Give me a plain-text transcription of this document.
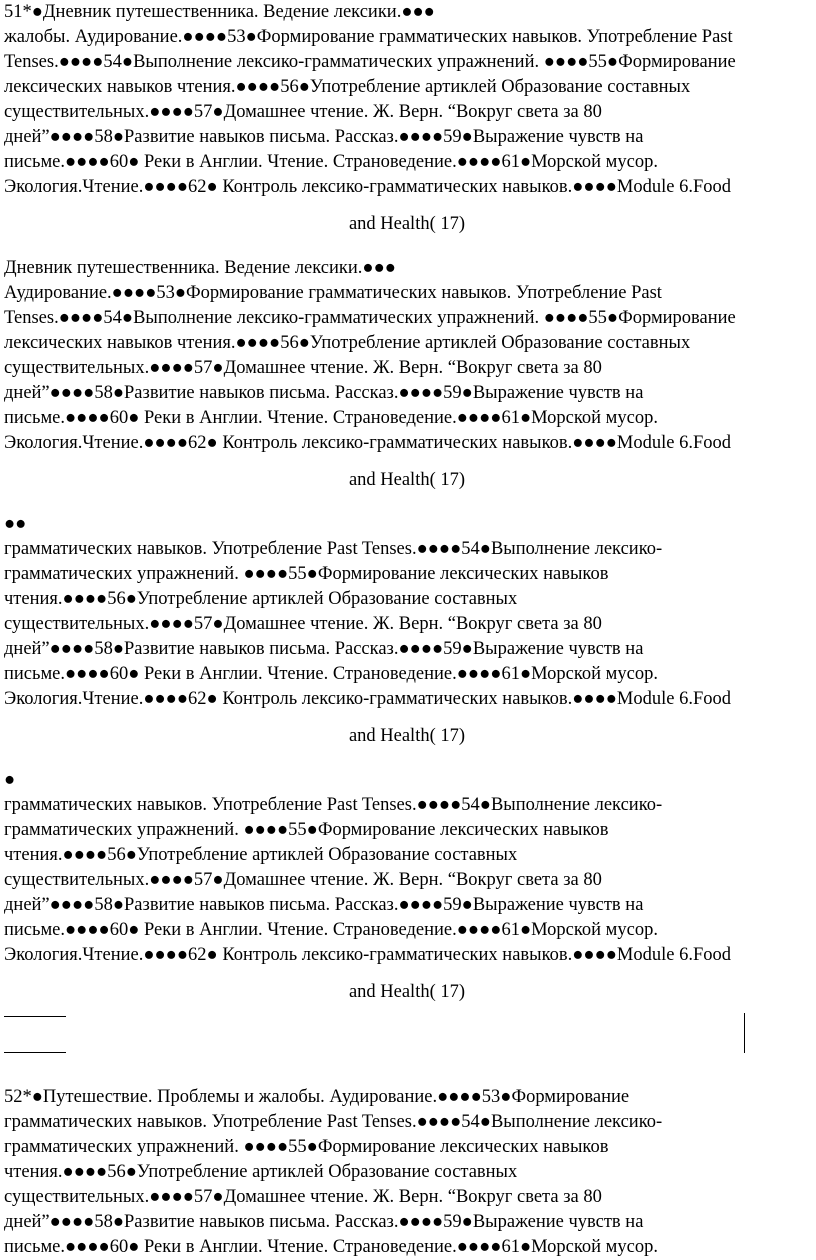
51*●Дневник путешественника. Ведение лексики.●●●
жалобы. Аудирование.●●●●53●Формирование грамматических навыков. Употребление Past
Tenses.●●●●54●Выполнение лексико-грамматических упражнений. ●●●●55●Формирование
лексических навыков чтения.●●●●56●Употребление артиклей Образование составных
существительных.●●●●57●Домашнее чтение. Ж. Верн. “Вокруг света за 80
дней”●●●●58●Развитие навыков письма. Рассказ.●●●●59●Выражение чувств на
письме.●●●●60● Реки в Англии. Чтение. Страноведение.●●●●61●Морской мусор.
Экология.Чтение.●●●●62● Контроль лексико-грамматических навыков.●●●●Module 6.Food
and Health( 17)
Дневник путешественника. Ведение лексики.●●●
Аудирование.●●●●53●Формирование грамматических навыков. Употребление Past
Tenses.●●●●54●Выполнение лексико-грамматических упражнений. ●●●●55●Формирование
лексических навыков чтения.●●●●56●Употребление артиклей Образование составных
существительных.●●●●57●Домашнее чтение. Ж. Верн. “Вокруг света за 80
дней”●●●●58●Развитие навыков письма. Рассказ.●●●●59●Выражение чувств на
письме.●●●●60● Реки в Англии. Чтение. Страноведение.●●●●61●Морской мусор.
Экология.Чтение.●●●●62● Контроль лексико-грамматических навыков.●●●●Module 6.Food
and Health( 17)
●●
грамматических навыков. Употребление Past Tenses.●●●●54●Выполнение лексико-
грамматических упражнений. ●●●●55●Формирование лексических навыков
чтения.●●●●56●Употребление артиклей Образование составных
существительных.●●●●57●Домашнее чтение. Ж. Верн. “Вокруг света за 80
дней”●●●●58●Развитие навыков письма. Рассказ.●●●●59●Выражение чувств на
письме.●●●●60● Реки в Англии. Чтение. Страноведение.●●●●61●Морской мусор.
Экология.Чтение.●●●●62● Контроль лексико-грамматических навыков.●●●●Module 6.Food
and Health( 17)
●
грамматических навыков. Употребление Past Tenses.●●●●54●Выполнение лексико-
грамматических упражнений. ●●●●55●Формирование лексических навыков
чтения.●●●●56●Употребление артиклей Образование составных
существительных.●●●●57●Домашнее чтение. Ж. Верн. “Вокруг света за 80
дней”●●●●58●Развитие навыков письма. Рассказ.●●●●59●Выражение чувств на
письме.●●●●60● Реки в Англии. Чтение. Страноведение.●●●●61●Морской мусор.
Экология.Чтение.●●●●62● Контроль лексико-грамматических навыков.●●●●Module 6.Food
and Health( 17)
52*●Путешествие. Проблемы и жалобы. Аудирование.●●●●53●Формирование
грамматических навыков. Употребление Past Tenses.●●●●54●Выполнение лексико-
грамматических упражнений. ●●●●55●Формирование лексических навыков
чтения.●●●●56●Употребление артиклей Образование составных
существительных.●●●●57●Домашнее чтение. Ж. Верн. “Вокруг света за 80
дней”●●●●58●Развитие навыков письма. Рассказ.●●●●59●Выражение чувств на
письме.●●●●60● Реки в Англии. Чтение. Страноведение.●●●●61●Морской мусор.
